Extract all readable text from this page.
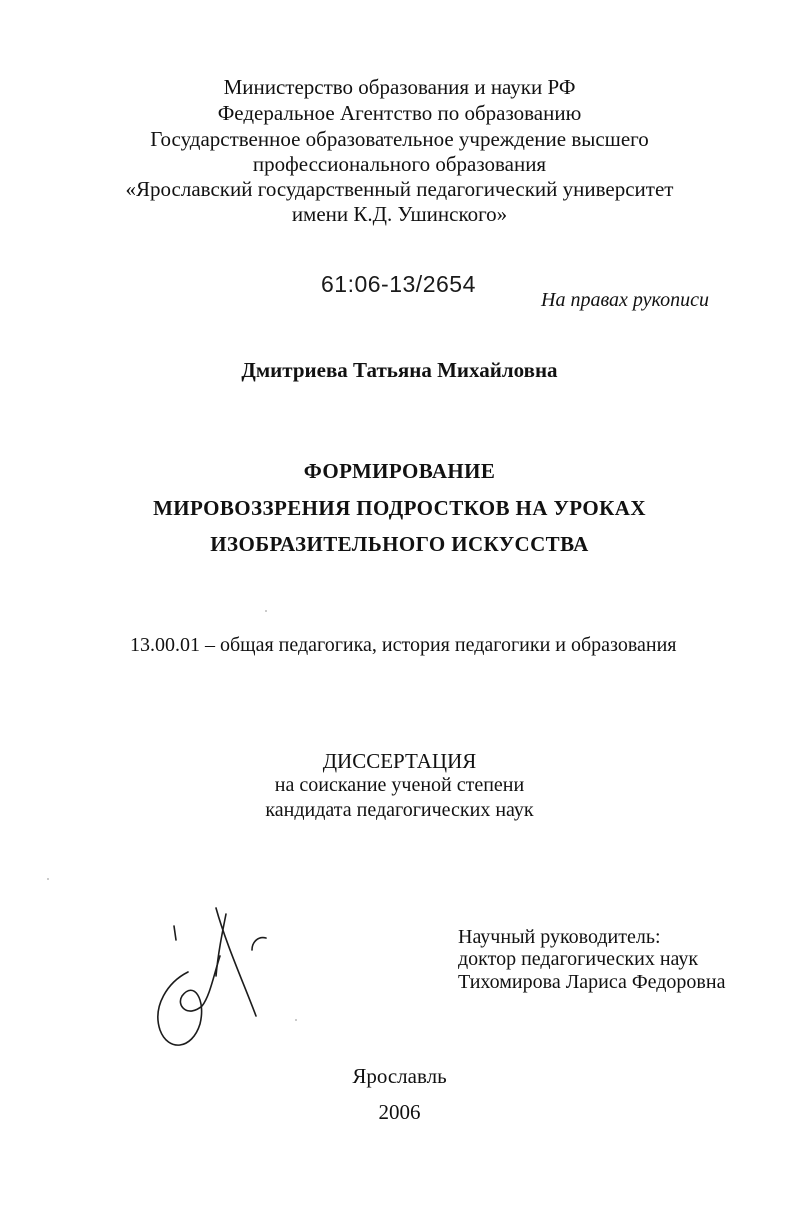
Министерство образования и науки РФ

Федеральное Агентство по образованию

Государственное образовательное учреждение высшего

профессионального образования

«Ярославский государственный педагогический университет

имени К.Д. Ушинского»

61:06-13/2654

На правах рукописи

Дмитриева Татьяна Михайловна

ФОРМИРОВАНИЕ

МИРОВОЗЗРЕНИЯ ПОДРОСТКОВ НА УРОКАХ

ИЗОБРАЗИТЕЛЬНОГО ИСКУССТВА

13.00.01 – общая педагогика, история педагогики и образования

ДИССЕРТАЦИЯ

на соискание ученой степени

кандидата педагогических наук

Научный руководитель:

доктор педагогических наук

Тихомирова Лариса Федоровна

Ярославль

2006
